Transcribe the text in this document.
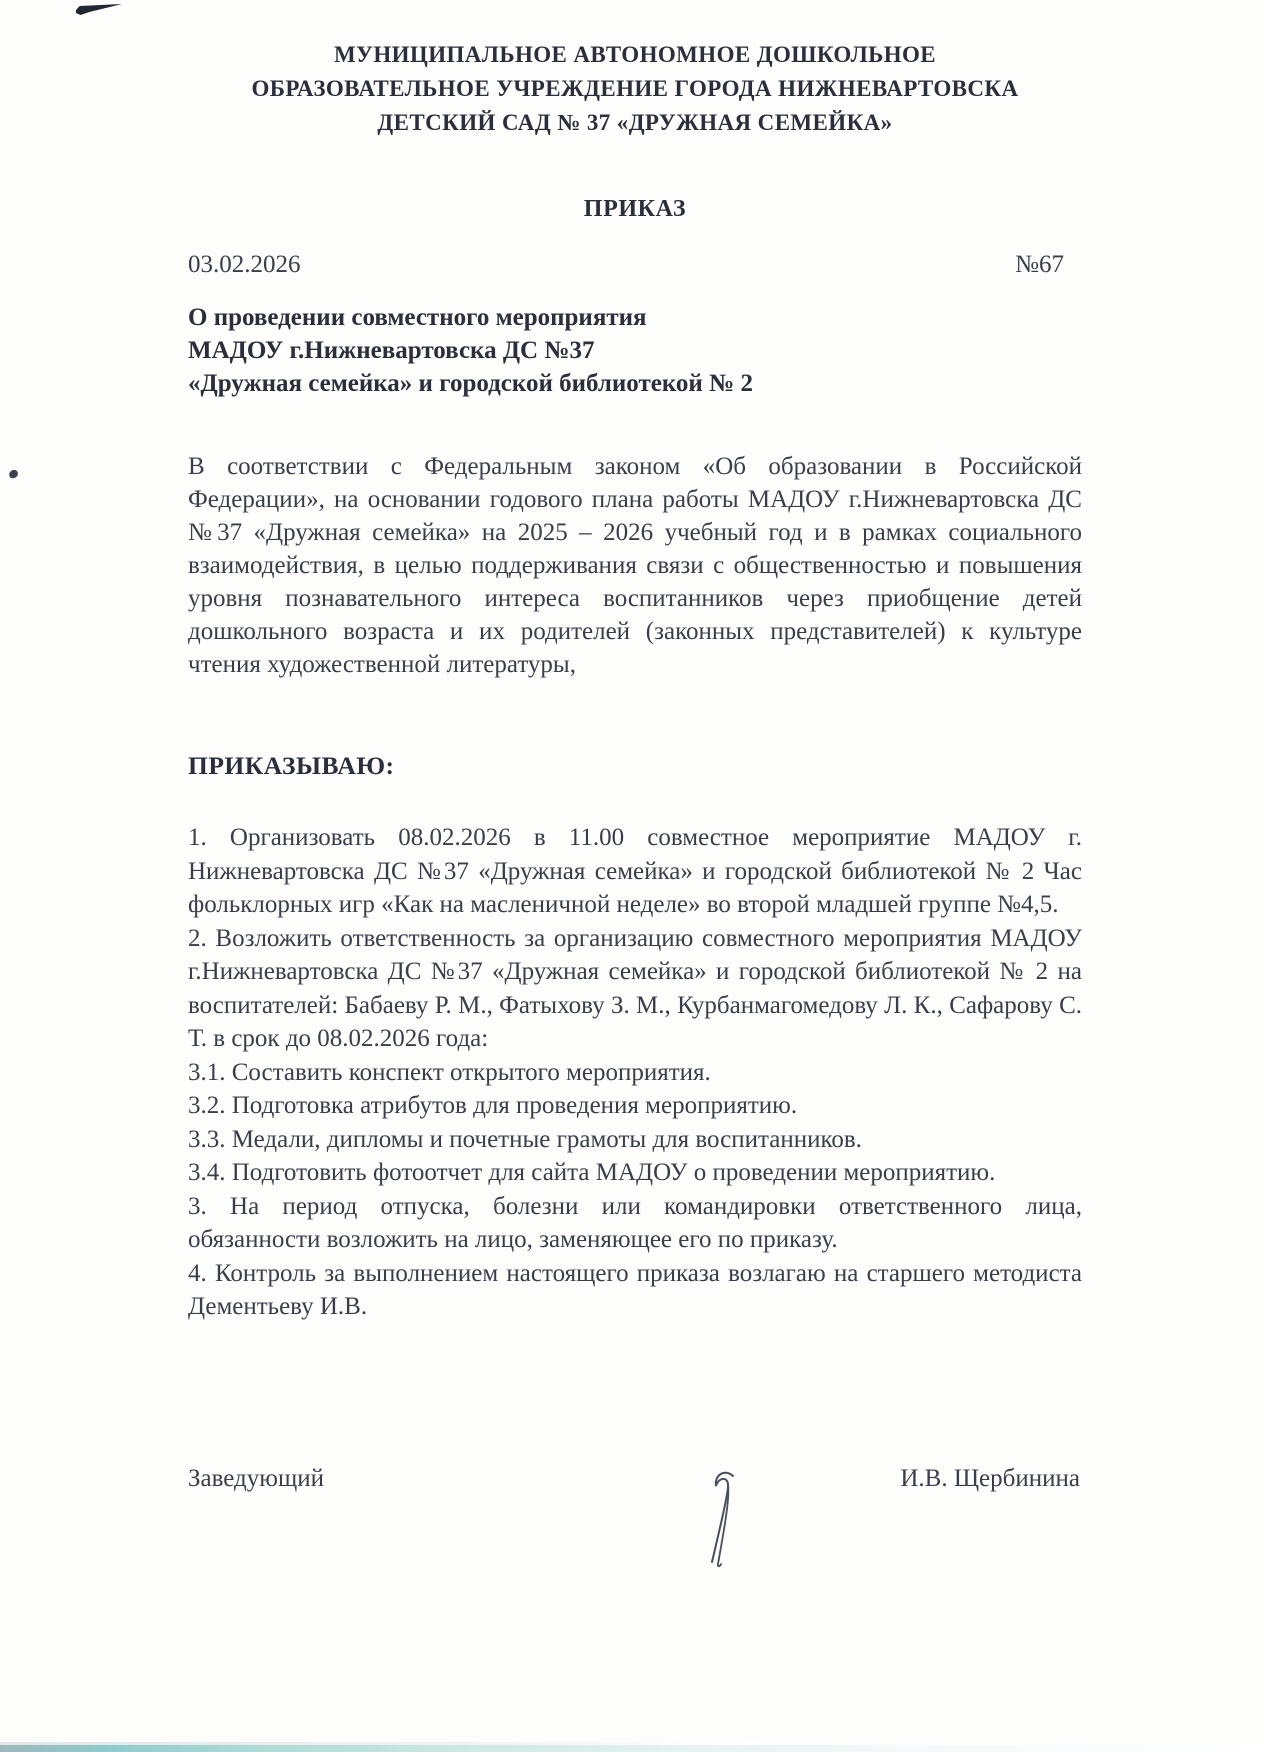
МУНИЦИПАЛЬНОЕ АВТОНОМНОЕ ДОШКОЛЬНОЕ
ОБРАЗОВАТЕЛЬНОЕ УЧРЕЖДЕНИЕ ГОРОДА НИЖНЕВАРТОВСКА
ДЕТСКИЙ САД № 37 «ДРУЖНАЯ СЕМЕЙКА»
ПРИКАЗ
03.02.2026	№67
О проведении совместного мероприятия
МАДОУ г.Нижневартовска ДС №37
«Дружная семейка» и городской библиотекой № 2

В соответствии с Федеральным законом «Об образовании в Российской Федерации», на основании годового плана работы МАДОУ г.Нижневартовска ДС №37 «Дружная семейка» на 2025 – 2026 учебный год и в рамках социального взаимодействия, в целью поддерживания связи с общественностью и повышения уровня познавательного интереса воспитанников через приобщение детей дошкольного возраста и их родителей (законных представителей) к культуре чтения художественной литературы,

ПРИКАЗЫВАЮ:

1. Организовать 08.02.2026 в 11.00 совместное мероприятие МАДОУ г. Нижневартовска ДС №37 «Дружная семейка» и городской библиотекой № 2 Час фольклорных игр «Как на масленичной неделе» во второй младшей группе №4,5.

2. Возложить ответственность за организацию совместного мероприятия МАДОУ г.Нижневартовска ДС №37 «Дружная семейка» и городской библиотекой № 2 на воспитателей: Бабаеву Р. М., Фатыхову З. М., Курбанмагомедову Л. К., Сафарову С. Т. в срок до 08.02.2026 года:

3.1. Составить конспект открытого мероприятия.

3.2. Подготовка атрибутов для проведения мероприятию.

3.3. Медали, дипломы и почетные грамоты для воспитанников.

3.4. Подготовить фотоотчет для сайта МАДОУ о проведении мероприятию.

3. На период отпуска, болезни или командировки ответственного лица, обязанности возложить на лицо, заменяющее его по приказу.

4. Контроль за выполнением настоящего приказа возлагаю на старшего методиста Дементьеву И.В.

Заведующий	И.В. Щербинина
